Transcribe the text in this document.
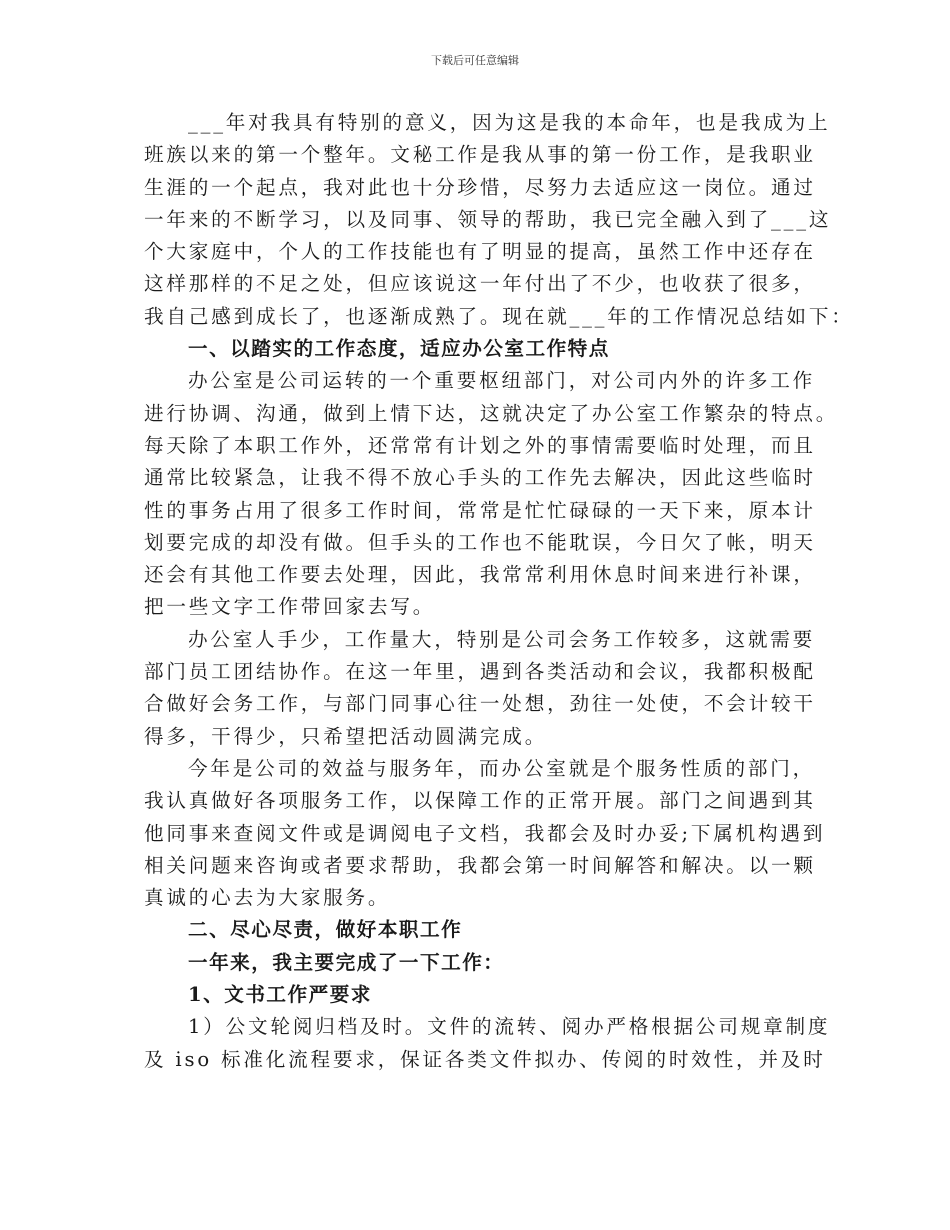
下载后可任意编辑
___年对我具有特别的意义，因为这是我的本命年，也是我成为上
班族以来的第一个整年。文秘工作是我从事的第一份工作，是我职业
生涯的一个起点，我对此也十分珍惜，尽努力去适应这一岗位。通过
一年来的不断学习，以及同事、领导的帮助，我已完全融入到了___这
个大家庭中，个人的工作技能也有了明显的提高，虽然工作中还存在
这样那样的不足之处，但应该说这一年付出了不少，也收获了很多，
我自己感到成长了，也逐渐成熟了。现在就___年的工作情况总结如下：
一、以踏实的工作态度，适应办公室工作特点
办公室是公司运转的一个重要枢纽部门，对公司内外的许多工作
进行协调、沟通，做到上情下达，这就决定了办公室工作繁杂的特点。
每天除了本职工作外，还常常有计划之外的事情需要临时处理，而且
通常比较紧急，让我不得不放心手头的工作先去解决，因此这些临时
性的事务占用了很多工作时间，常常是忙忙碌碌的一天下来，原本计
划要完成的却没有做。但手头的工作也不能耽误，今日欠了帐，明天
还会有其他工作要去处理，因此，我常常利用休息时间来进行补课，
把一些文字工作带回家去写。
办公室人手少，工作量大，特别是公司会务工作较多，这就需要
部门员工团结协作。在这一年里，遇到各类活动和会议，我都积极配
合做好会务工作，与部门同事心往一处想，劲往一处使，不会计较干
得多，干得少，只希望把活动圆满完成。
今年是公司的效益与服务年，而办公室就是个服务性质的部门，
我认真做好各项服务工作，以保障工作的正常开展。部门之间遇到其
他同事来查阅文件或是调阅电子文档，我都会及时办妥;下属机构遇到
相关问题来咨询或者要求帮助，我都会第一时间解答和解决。以一颗
真诚的心去为大家服务。
二、尽心尽责，做好本职工作
一年来，我主要完成了一下工作：
1、文书工作严要求
1）公文轮阅归档及时。文件的流转、阅办严格根据公司规章制度
及 iso 标准化流程要求，保证各类文件拟办、传阅的时效性，并及时
